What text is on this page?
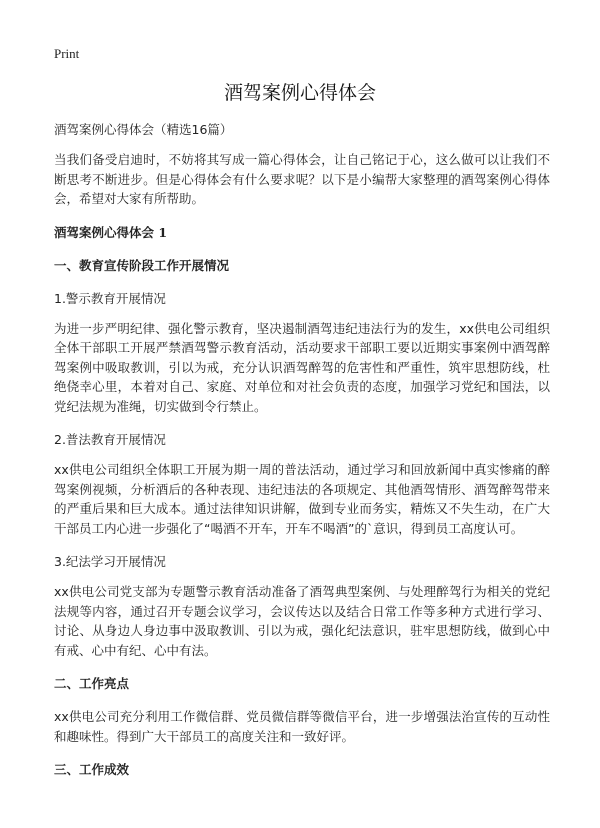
Print
酒驾案例心得体会
酒驾案例心得体会（精选16篇）

当我们备受启迪时，不妨将其写成一篇心得体会，让自己铭记于心，这么做可以让我们不断思考不断进步。但是心得体会有什么要求呢？以下是小编帮大家整理的酒驾案例心得体会，希望对大家有所帮助。

酒驾案例心得体会 1
一、教育宣传阶段工作开展情况
1.警示教育开展情况

为进一步严明纪律、强化警示教育，坚决遏制酒驾违纪违法行为的发生，xx供电公司组织全体干部职工开展严禁酒驾警示教育活动，活动要求干部职工要以近期实事案例中酒驾醉驾案例中吸取教训，引以为戒，充分认识酒驾醉驾的危害性和严重性，筑牢思想防线，杜绝侥幸心里，本着对自己、家庭、对单位和对社会负责的态度，加强学习党纪和国法，以党纪法规为准绳，切实做到令行禁止。

2.普法教育开展情况

xx供电公司组织全体职工开展为期一周的普法活动，通过学习和回放新闻中真实惨痛的醉驾案例视频，分析酒后的各种表现、违纪违法的各项规定、其他酒驾情形、酒驾醉驾带来的严重后果和巨大成本。通过法律知识讲解，做到专业而务实，精炼又不失生动，在广大干部员工内心进一步强化了“喝酒不开车，开车不喝酒”的`意识，得到员工高度认可。

3.纪法学习开展情况

xx供电公司党支部为专题警示教育活动准备了酒驾典型案例、与处理醉驾行为相关的党纪法规等内容，通过召开专题会议学习，会议传达以及结合日常工作等多种方式进行学习、讨论、从身边人身边事中汲取教训、引以为戒，强化纪法意识，驻牢思想防线，做到心中有戒、心中有纪、心中有法。

二、工作亮点

xx供电公司充分利用工作微信群、党员微信群等微信平台，进一步增强法治宣传的互动性和趣味性。得到广大干部员工的高度关注和一致好评。

三、工作成效
